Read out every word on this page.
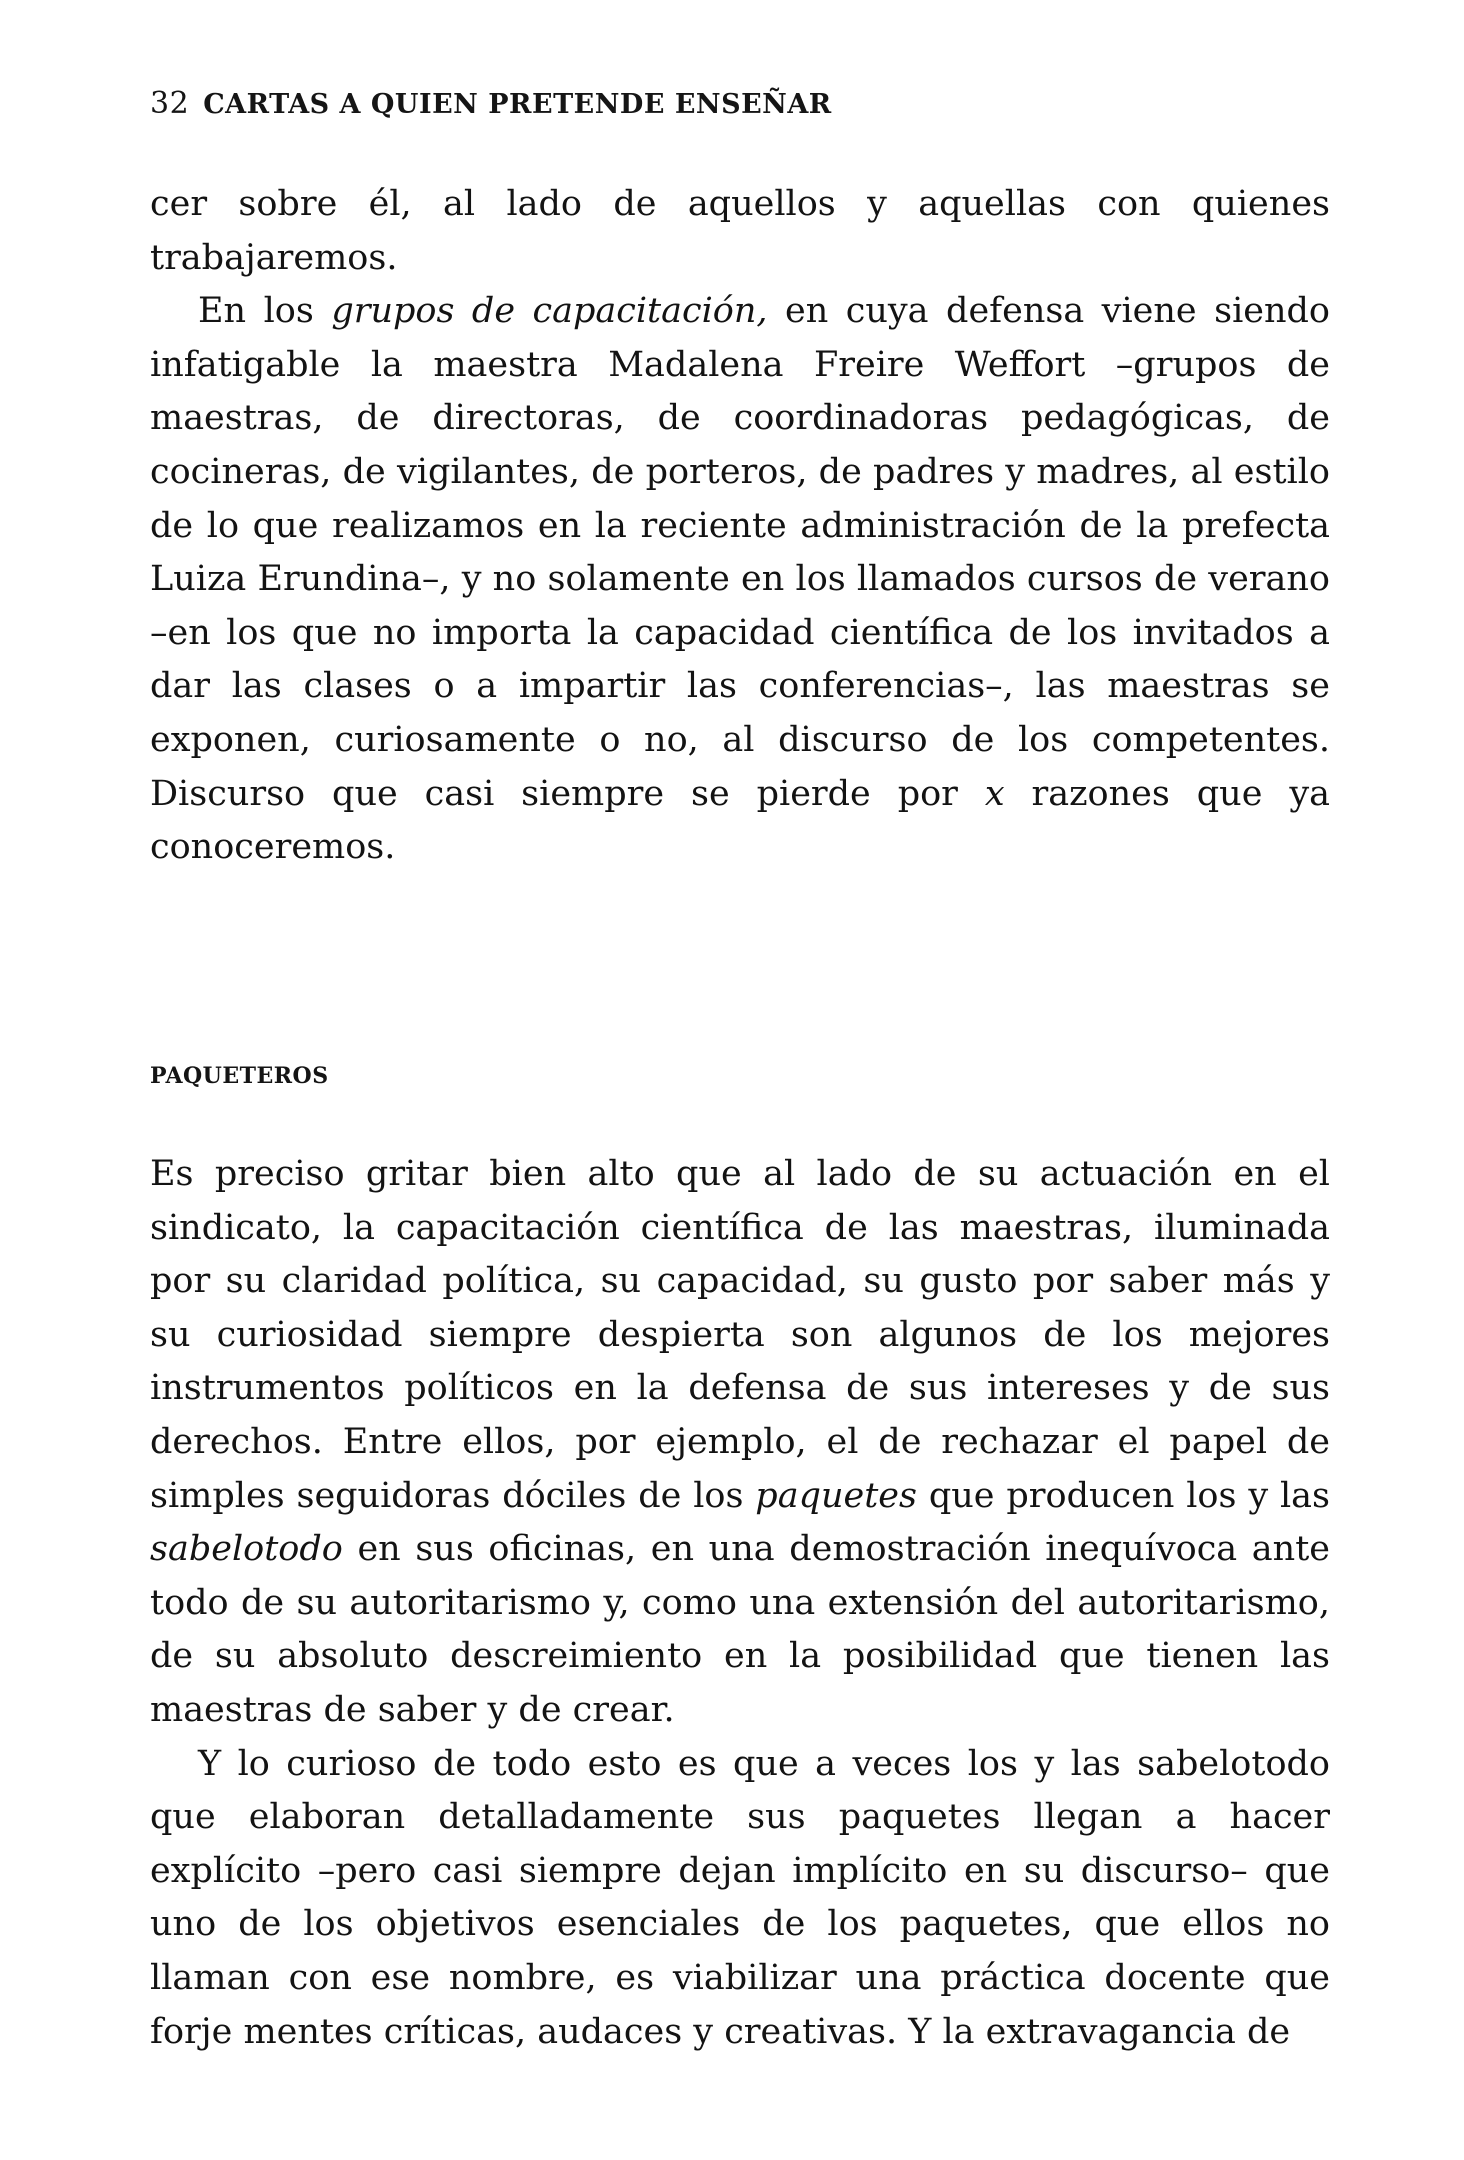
32 CARTAS A QUIEN PRETENDE ENSEÑAR

cer sobre él, al lado de aquellos y aquellas con quienes trabajaremos.

En los grupos de capacitación, en cuya defensa viene siendo infatigable la maestra Madalena Freire Weffort –grupos de maestras, de directoras, de coordinadoras pedagógicas, de cocineras, de vigilantes, de porteros, de padres y madres, al estilo de lo que realizamos en la reciente administración de la prefecta Luiza Erundina–, y no solamente en los llamados cursos de verano –en los que no importa la capacidad científica de los invitados a dar las clases o a impartir las conferencias–, las maestras se exponen, curiosamente o no, al discurso de los competentes. Discurso que casi siempre se pierde por x razones que ya conoceremos.

PAQUETEROS

Es preciso gritar bien alto que al lado de su actuación en el sindicato, la capacitación científica de las maestras, iluminada por su claridad política, su capacidad, su gusto por saber más y su curiosidad siempre despierta son algunos de los mejores instrumentos políticos en la defensa de sus intereses y de sus derechos. Entre ellos, por ejemplo, el de rechazar el papel de simples seguidoras dóciles de los paquetes que producen los y las sabelotodo en sus oficinas, en una demostración inequívoca ante todo de su autoritarismo y, como una extensión del autoritarismo, de su absoluto descreimiento en la posibilidad que tienen las maestras de saber y de crear.

Y lo curioso de todo esto es que a veces los y las sabelotodo que elaboran detalladamente sus paquetes llegan a hacer explícito –pero casi siempre dejan implícito en su discurso– que uno de los objetivos esenciales de los paquetes, que ellos no llaman con ese nombre, es viabilizar una práctica docente que forje mentes críticas, audaces y creativas. Y la extravagancia de
